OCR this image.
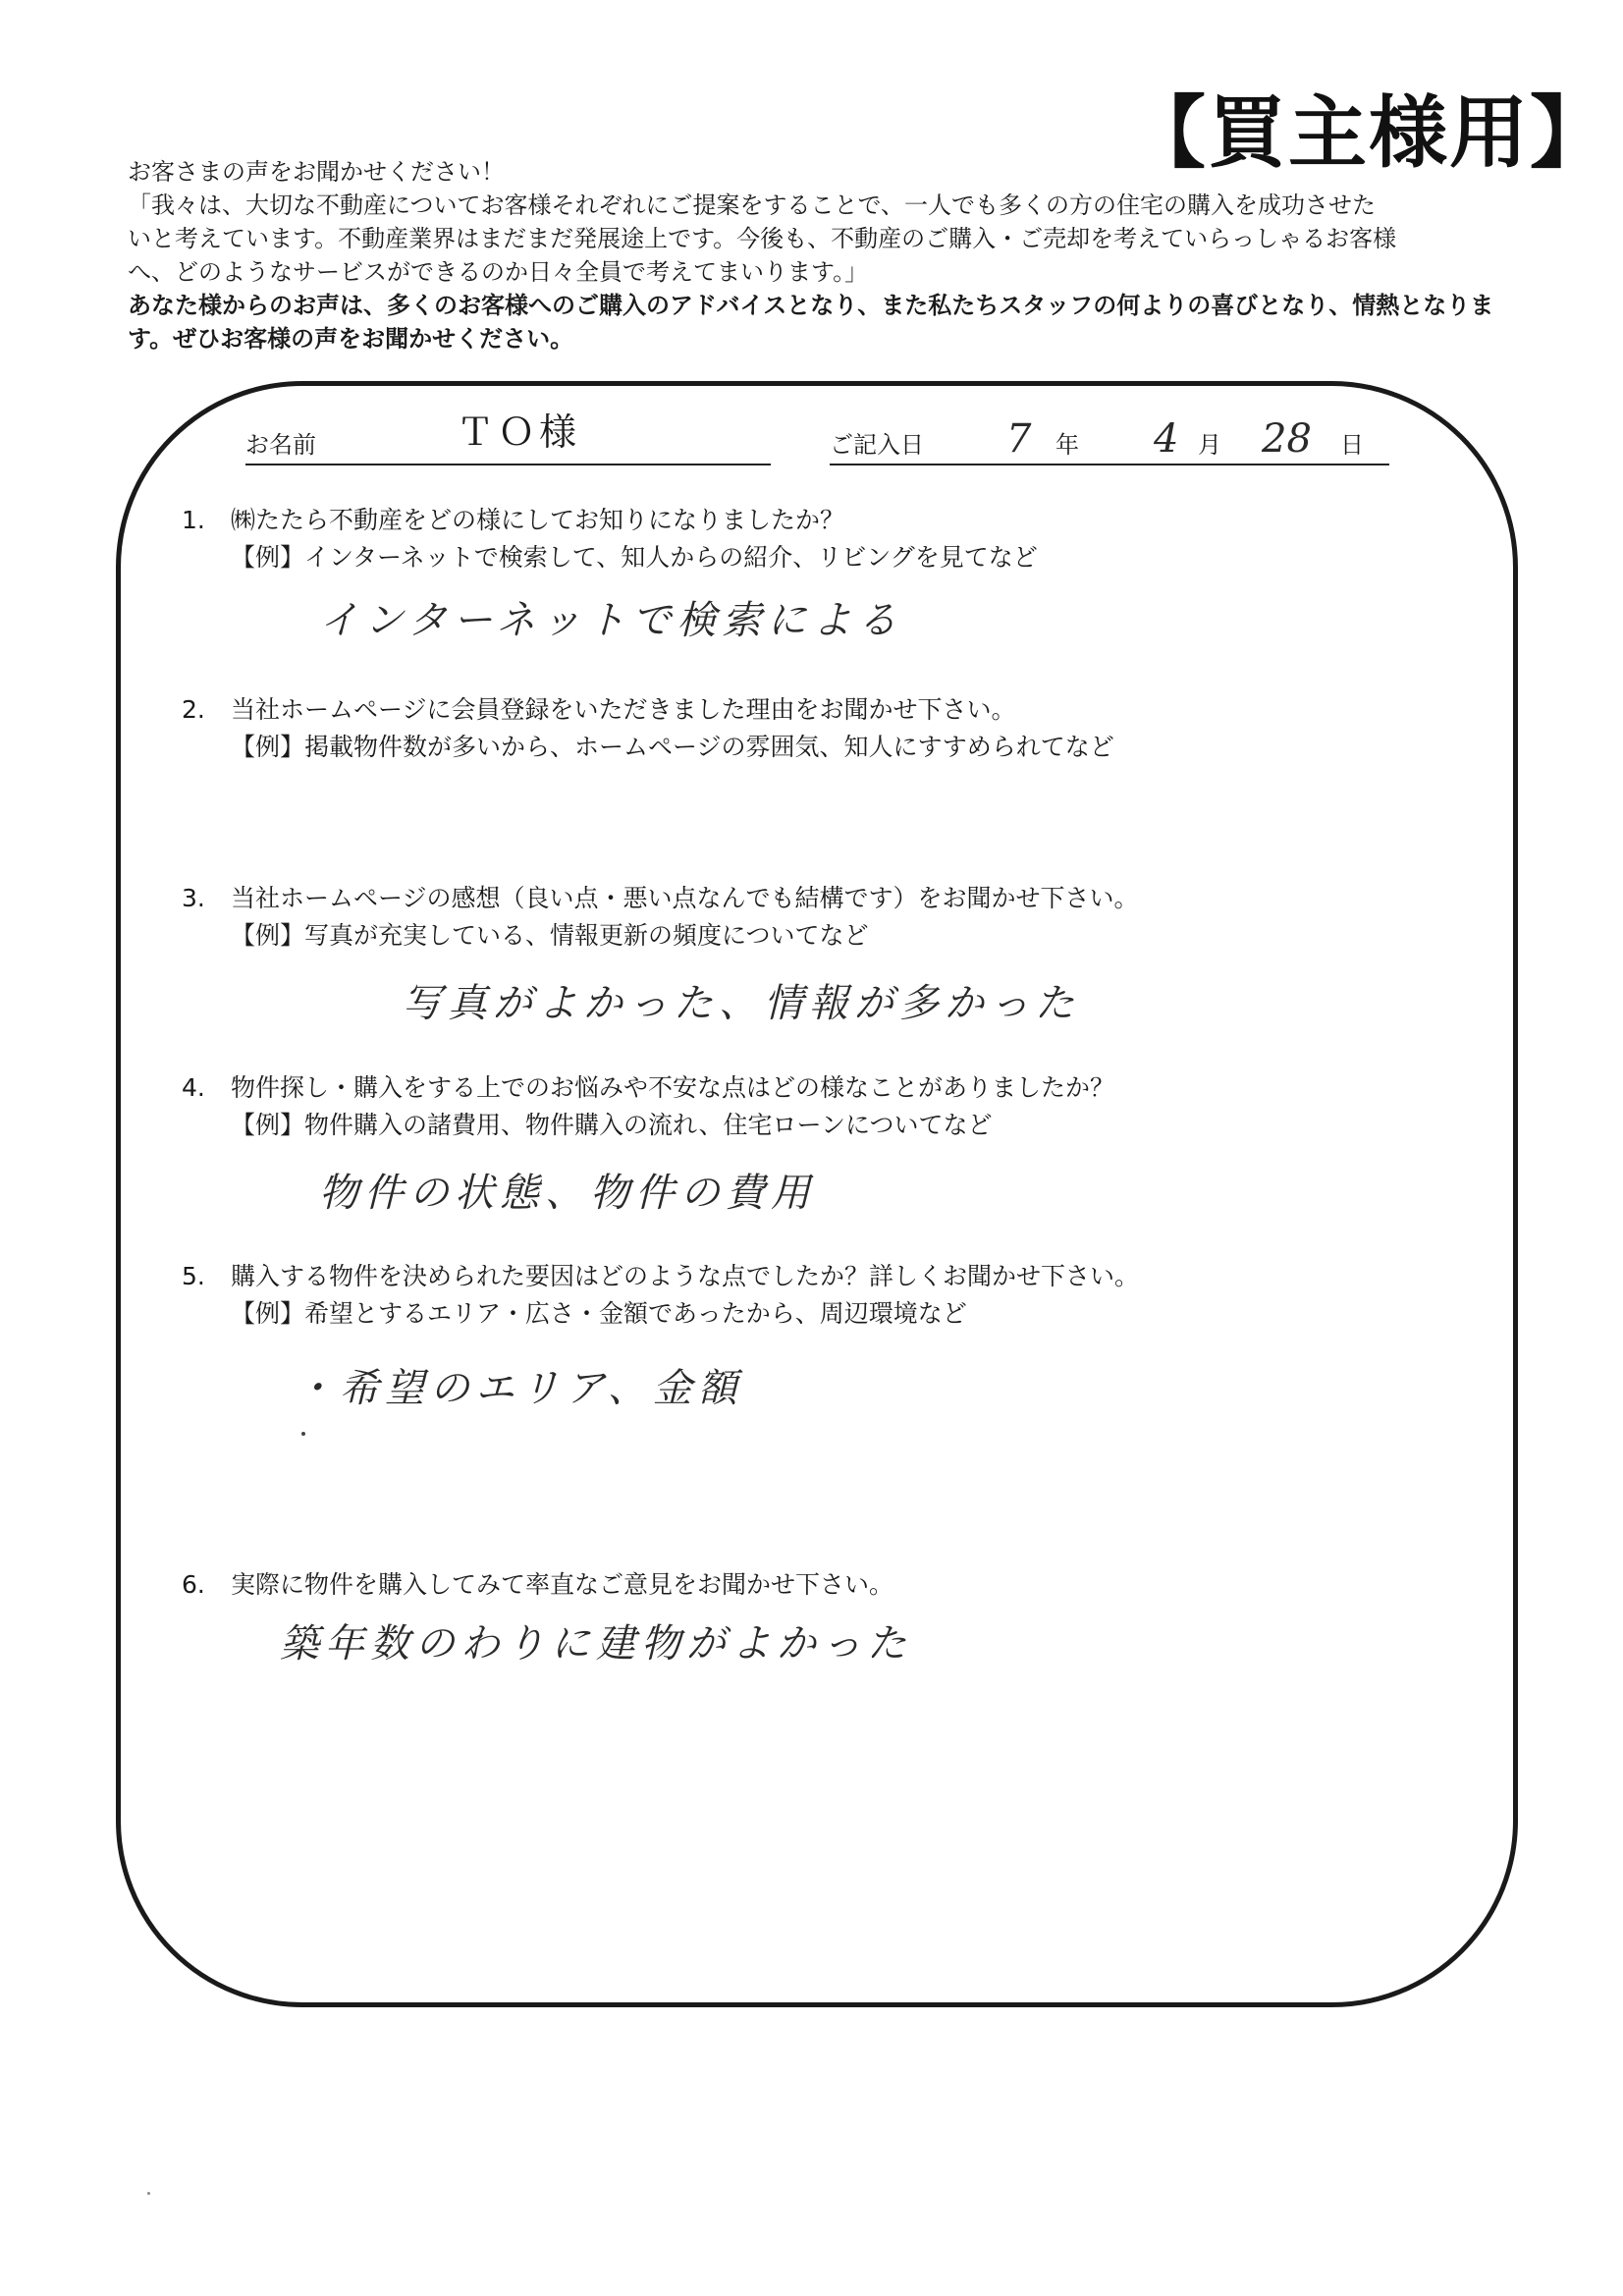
【買主様用】
お客さまの声をお聞かせください！
「我々は、大切な不動産についてお客様それぞれにご提案をすることで、一人でも多くの方の住宅の購入を成功させた
いと考えています。不動産業界はまだまだ発展途上です。今後も、不動産のご購入・ご売却を考えていらっしゃるお客様
へ、どのようなサービスができるのか日々全員で考えてまいります。」
あなた様からのお声は、多くのお客様へのご購入のアドバイスとなり、また私たちスタッフの何よりの喜びとなり、情熱となりま
す。ぜひお客様の声をお聞かせください。
お名前	ＴＯ様	ご記入日 7 年 4 月 28 日
1. ㈱たたら不動産をどの様にしてお知りになりましたか？
【例】インターネットで検索して、知人からの紹介、リビングを見てなど
インターネットで検索による
2. 当社ホームページに会員登録をいただきました理由をお聞かせ下さい。
【例】掲載物件数が多いから、ホームページの雰囲気、知人にすすめられてなど
3. 当社ホームページの感想（良い点・悪い点なんでも結構です）をお聞かせ下さい。
【例】写真が充実している、情報更新の頻度についてなど
写真がよかった、情報が多かった
4. 物件探し・購入をする上でのお悩みや不安な点はどの様なことがありましたか？
【例】物件購入の諸費用、物件購入の流れ、住宅ローンについてなど
物件の状態、物件の費用
5. 購入する物件を決められた要因はどのような点でしたか？詳しくお聞かせ下さい。
【例】希望とするエリア・広さ・金額であったから、周辺環境など
・希望のエリア、金額
6. 実際に物件を購入してみて率直なご意見をお聞かせ下さい。
築年数のわりに建物がよかった
